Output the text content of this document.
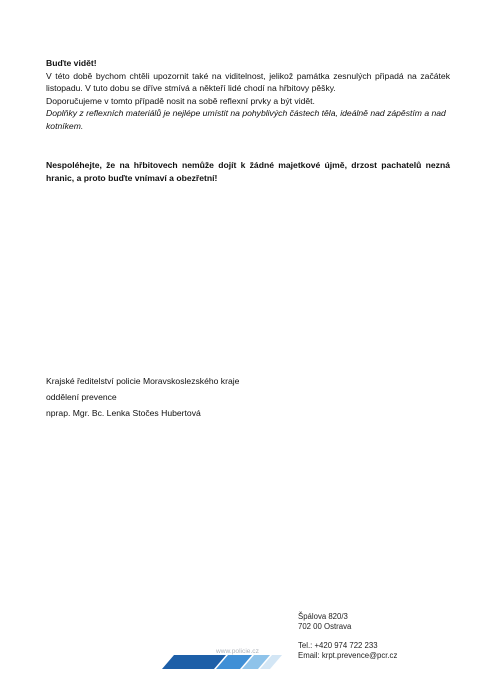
Buďte vidět!
V této době bychom chtěli upozornit také na viditelnost, jelikož památka zesnulých připadá na začátek listopadu. V tuto dobu se dříve stmívá a někteří lidé chodí na hřbitovy pěšky.
Doporučujeme v tomto případě nosit na sobě reflexní prvky a být vidět.
Doplňky z reflexních materiálů je nejlépe umístit na pohyblivých částech těla, ideálně nad zápěstím a nad kotníkem.
Nespoléhejte, že na hřbitovech nemůže dojít k žádné majetkové újmě, drzost pachatelů nezná hranic, a proto buďte vnímaví a obezřetní!
Krajské ředitelství policie Moravskoslezského kraje
oddělení prevence
nprap. Mgr. Bc. Lenka Stočes Hubertová
Špálova 820/3
702 00 Ostrava
Tel.: +420 974 722 233
Email: krpt.prevence@pcr.cz
www.policie.cz
